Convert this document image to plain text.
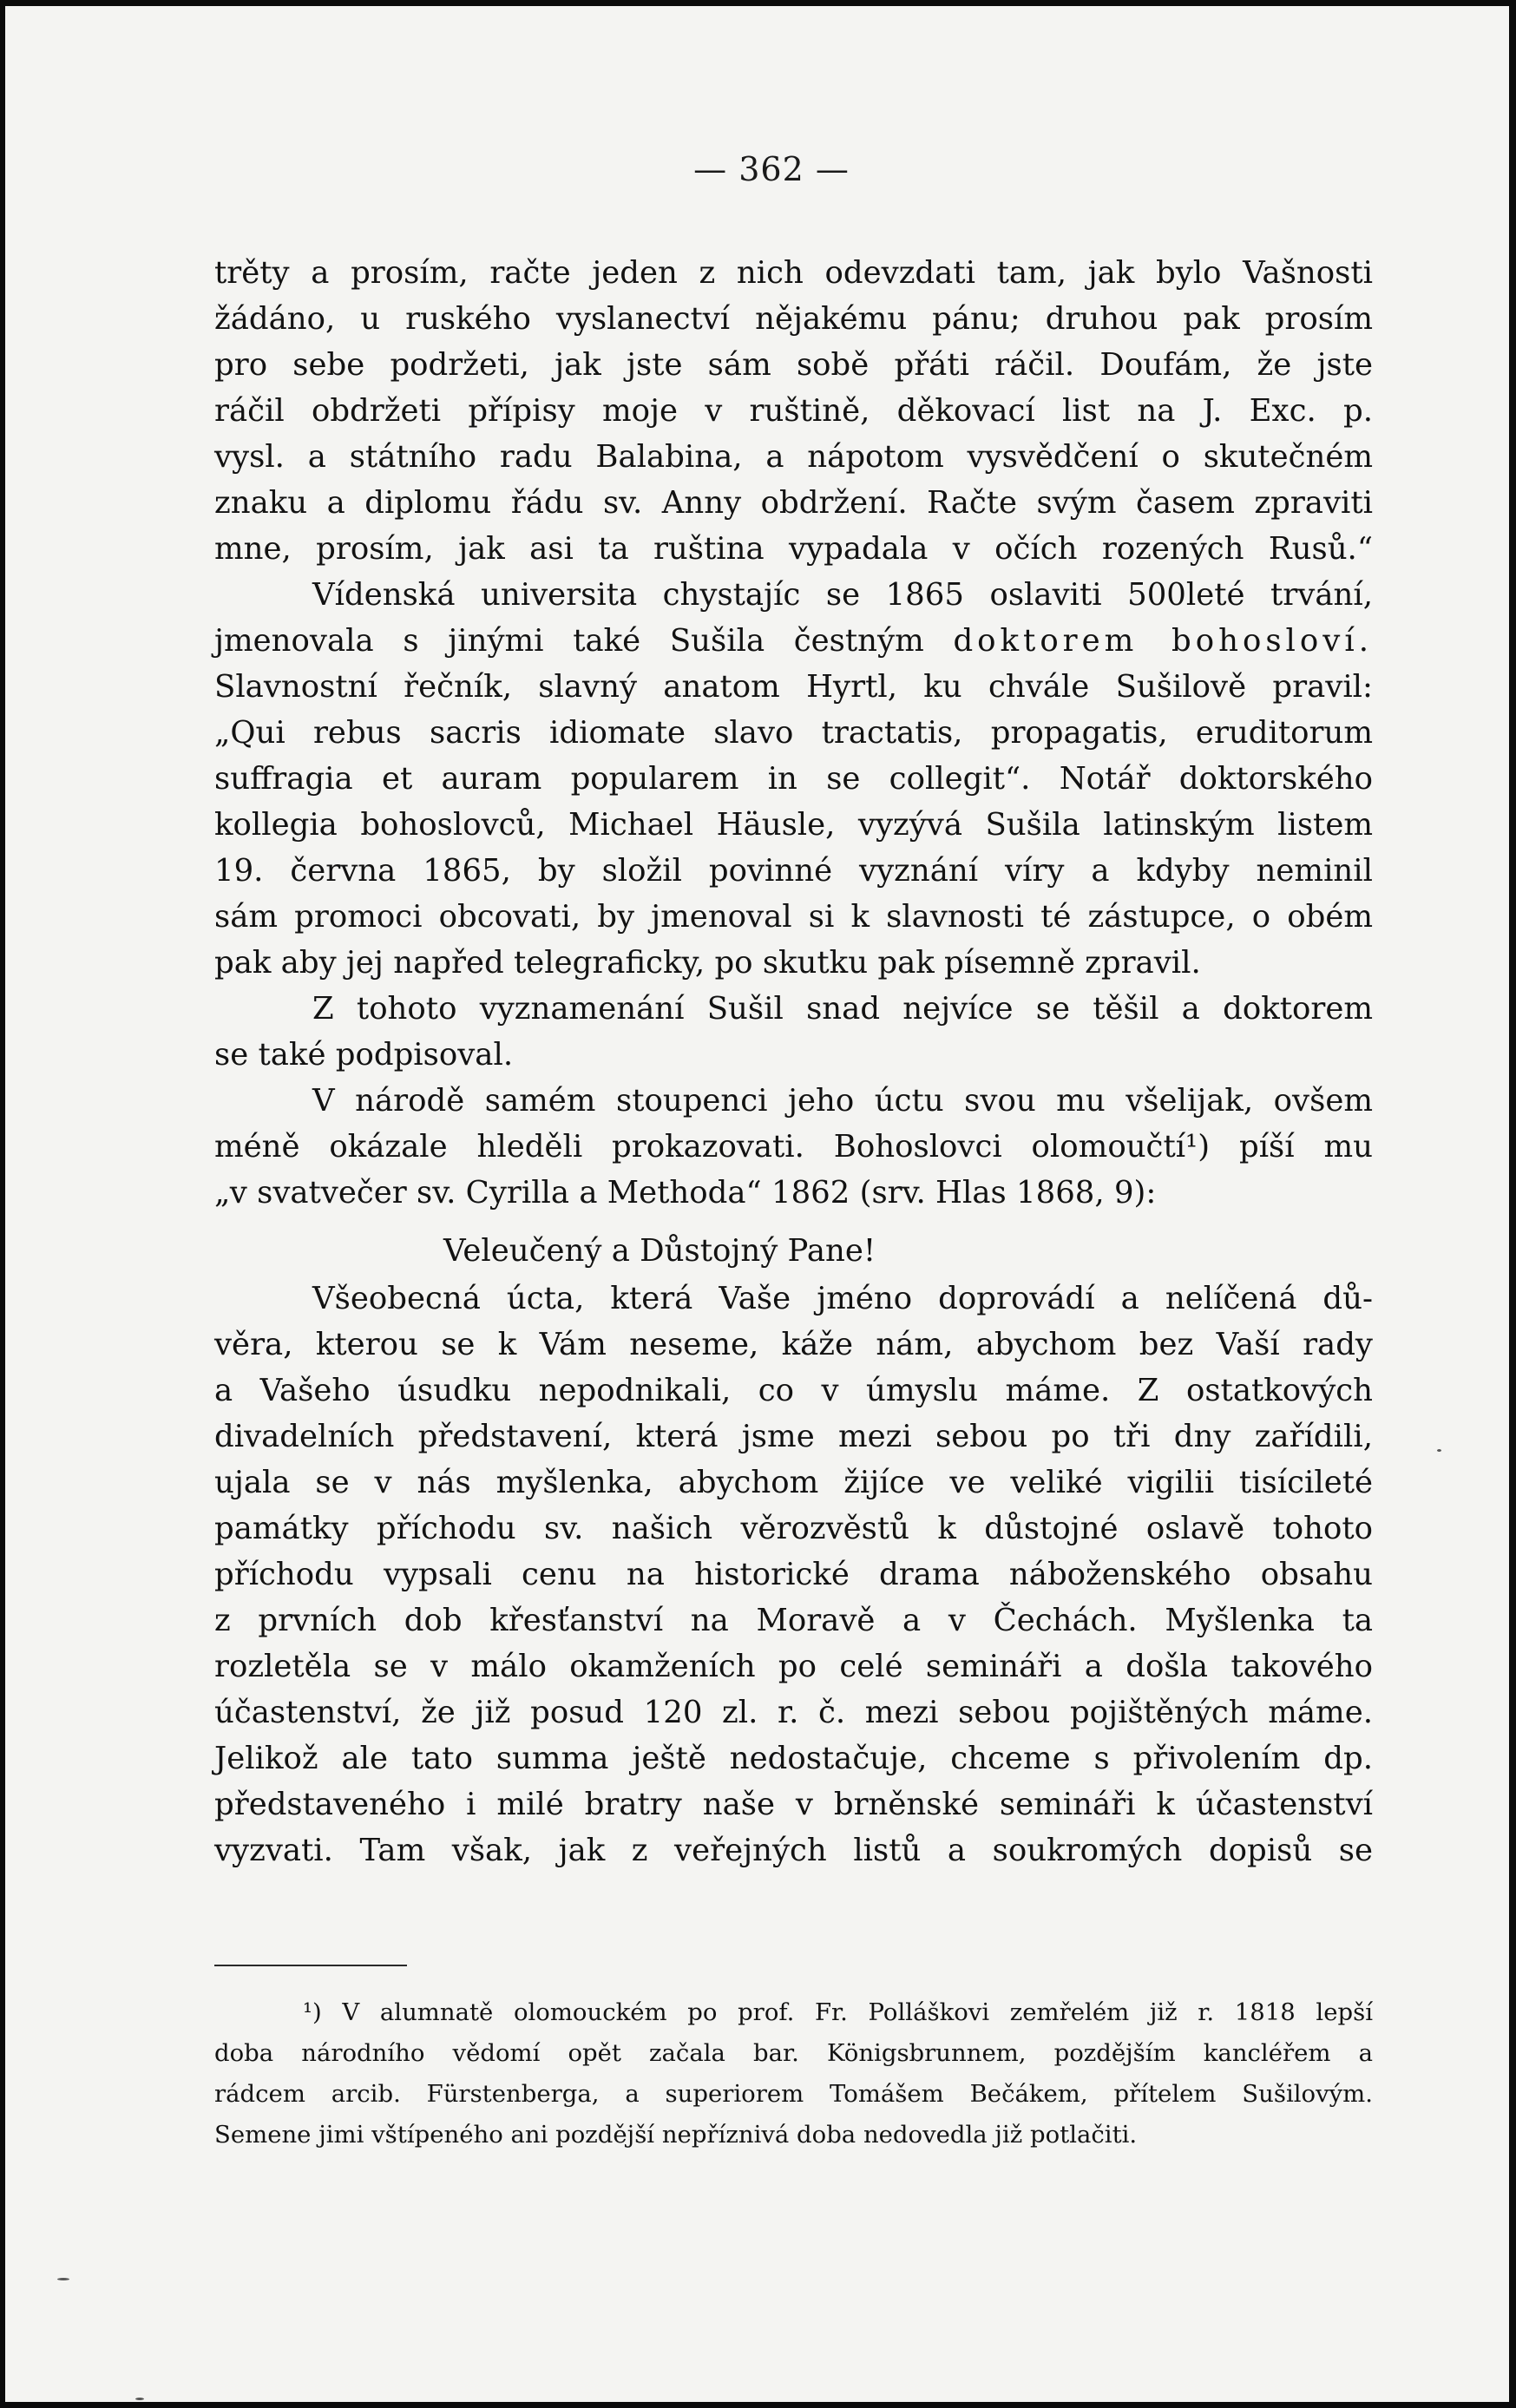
— 362 —
trěty a prosím, račte jeden z nich odevzdati tam, jak bylo Vašnosti
žádáno, u ruského vyslanectví nějakému pánu; druhou pak prosím
pro sebe podržeti, jak jste sám sobě přáti ráčil. Doufám, že jste
ráčil obdržeti přípisy moje v ruštině, děkovací list na J. Exc. p.
vysl. a státního radu Balabina, a nápotom vysvědčení o skutečném
znaku a diplomu řádu sv. Anny obdržení. Račte svým časem zpraviti
mne, prosím, jak asi ta ruština vypadala v očích rozených Rusů.“
Vídenská universita chystajíc se 1865 oslaviti 500leté trvání,
jmenovala s jinými také Sušila čestným doktorem bohosloví.
Slavnostní řečník, slavný anatom Hyrtl, ku chvále Sušilově pravil:
„Qui rebus sacris idiomate slavo tractatis, propagatis, eruditorum
suffragia et auram popularem in se collegit“. Notář doktorského
kollegia bohoslovců, Michael Häusle, vyzývá Sušila latinským listem
19. června 1865, by složil povinné vyznání víry a kdyby neminil
sám promoci obcovati, by jmenoval si k slavnosti té zástupce, o obém
pak aby jej napřed telegraficky, po skutku pak písemně zpravil.
Z tohoto vyznamenání Sušil snad nejvíce se těšil a doktorem
se také podpisoval.
V národě samém stoupenci jeho úctu svou mu všelijak, ovšem
méně okázale hleděli prokazovati. Bohoslovci olomoučtí¹) píší mu
„v svatvečer sv. Cyrilla a Methoda“ 1862 (srv. Hlas 1868, 9):
Veleučený a Důstojný Pane!
Všeobecná úcta, která Vaše jméno doprovádí a nelíčená dů-
věra, kterou se k Vám neseme, káže nám, abychom bez Vaší rady
a Vašeho úsudku nepodnikali, co v úmyslu máme. Z ostatkových
divadelních představení, která jsme mezi sebou po tři dny zařídili,
ujala se v nás myšlenka, abychom žijíce ve veliké vigilii tisícileté
památky příchodu sv. našich věrozvěstů k důstojné oslavě tohoto
příchodu vypsali cenu na historické drama náboženského obsahu
z prvních dob křesťanství na Moravě a v Čechách. Myšlenka ta
rozletěla se v málo okamženích po celé semináři a došla takového
účastenství, že již posud 120 zl. r. č. mezi sebou pojištěných máme.
Jelikož ale tato summa ještě nedostačuje, chceme s přivolením dp.
představeného i milé bratry naše v brněnské semináři k účastenství
vyzvati. Tam však, jak z veřejných listů a soukromých dopisů se
¹) V alumnatě olomouckém po prof. Fr. Polláškovi zemřelém již r. 1818 lepší
doba národního vědomí opět začala bar. Königsbrunnem, pozdějším kancléřem a
rádcem arcib. Fürstenberga, a superiorem Tomášem Bečákem, přítelem Sušilovým.
Semene jimi vštípeného ani pozdější nepříznivá doba nedovedla již potlačiti.
